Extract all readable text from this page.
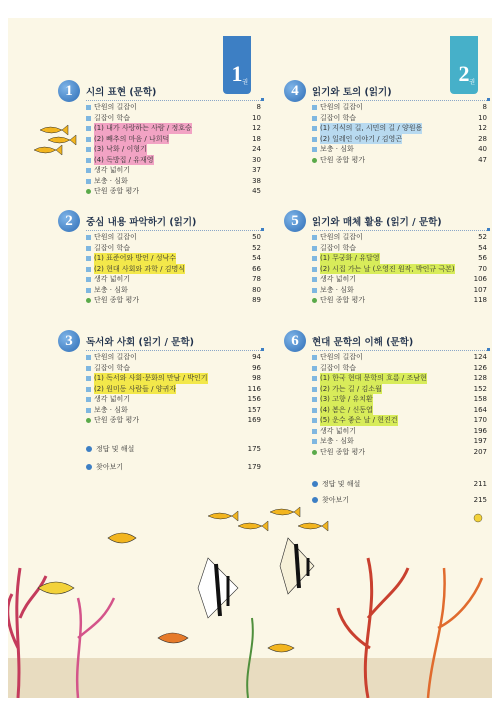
1 권	2 권
1	시의 표현 (문학)
단원의 길잡이	8
길잡이 학습	10
(1) 내가 사랑하는 사람 / 정호승	12
(2) 빼추의 마음 / 나희덕	18
(3) 낙화 / 이형기	24
(4) 독방집 / 유재영	30
생각 넓히기	37
보충 · 심화	38
단원 종합 평가	45
2	중심 내용 파악하기 (읽기)
단원의 길잡이	50
길잡이 학습	52
(1) 표준어와 방언 / 성낙수	54
(2) 현대 사회와 과학 / 김명식	66
생각 넓히기	78
보충 · 심화	80
단원 종합 평가	89
3	독서와 사회 (읽기 / 문학)
단원의 길잡이	94
길잡이 학습	96
(1) 독서와 사회·문화의 만남 / 박인기	98
(2) 원미동 사람들 / 양귀자	116
생각 넓히기	156
보충 · 심화	157
단원 종합 평가	169
정답 및 해설	175
찾아보기	179
4	읽기와 토의 (읽기)
단원의 길잡이	8
길잡이 학습	10
(1) 지식의 길, 시민의 길 / 양원용	12
(2) 일레인 이야기 / 김영곤	28
보충 · 심화	40
단원 종합 평가	47
5	읽기와 매체 활용 (읽기 / 문학)
단원의 길잡이	52
길잡이 학습	54
(1) 무궁화 / 유달영	56
(2) 시집 가는 날 (오영진 원작, 박인규 극본)	70
생각 넓히기	106
보충 · 심화	107
단원 종합 평가	118
6	현대 문학의 이해 (문학)
단원의 길잡이	124
길잡이 학습	126
(1) 한국 현대 문학의 흐름 / 조남현	128
(2) 가는 길 / 김소월	152
(3) 고향 / 유치환	158
(4) 봄은 / 신동엽	164
(5) 운수 좋은 날 / 현진건	170
생각 넓히기	196
보충 · 심화	197
단원 종합 평가	207
정답 및 해설	211
찾아보기	215
